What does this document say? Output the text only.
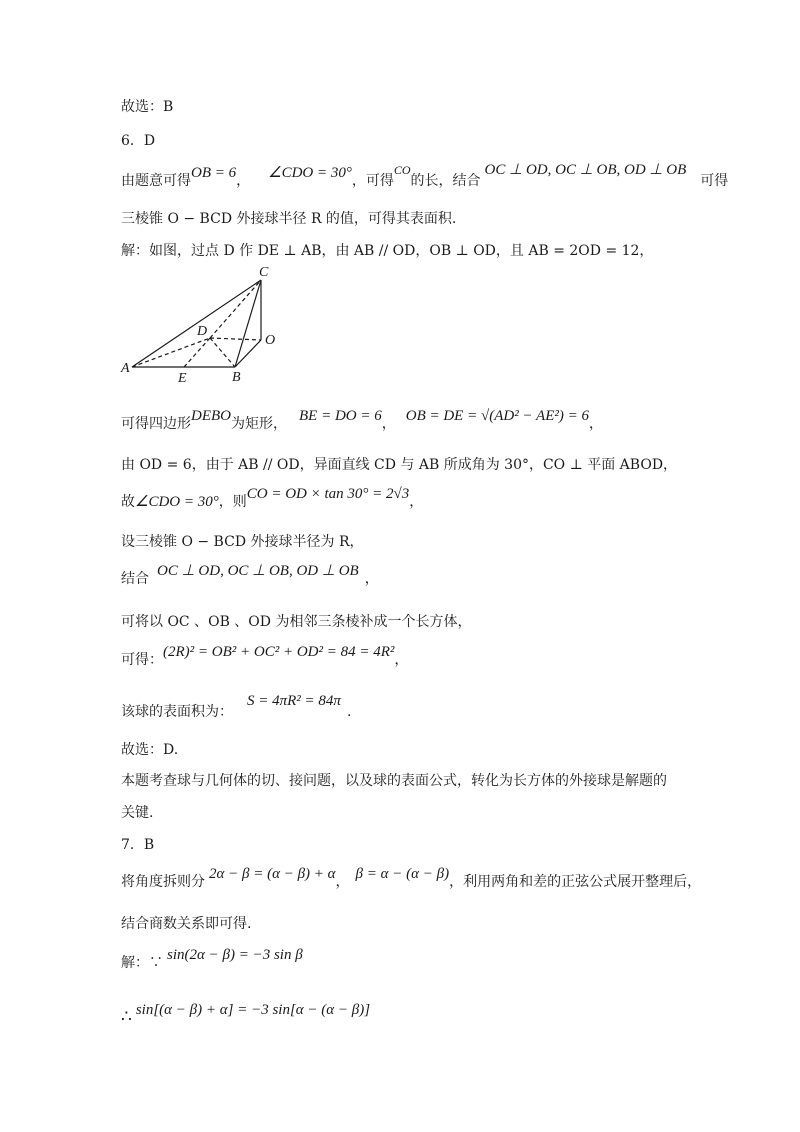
故选：B
6．D
由题意可得OB = 6， ∠CDO = 30°，可得CO的长，结合OC ⊥ OD, OC ⊥ OB, OD ⊥ OB可得
三棱锥 O − BCD 外接球半径 R 的值，可得其表面积.
解：如图，过点 D 作 DE ⊥ AB，由 AB // OD，OB ⊥ OD，且 AB = 2OD = 12，
A
B
C
D
E
O
可得四边形DEBO为矩形， BE = DO = 6， OB = DE = √(AD² − AE²) = 6，
由 OD = 6，由于 AB // OD，异面直线 CD 与 AB 所成角为 30°，CO ⊥ 平面 ABOD，
故∠CDO = 30°，则CO = OD × tan 30° = 2√3，
设三棱锥 O − BCD 外接球半径为 R，
结合 OC ⊥ OD, OC ⊥ OB, OD ⊥ OB ，
可将以 OC 、OB 、OD 为相邻三条棱补成一个长方体，
可得：(2R)² = OB² + OC² + OD² = 84 = 4R²，
该球的表面积为：S = 4πR² = 84π.
故选：D.
本题考查球与几何体的切、接问题，以及球的表面公式，转化为长方体的外接球是解题的
关键.
7．B
将角度拆则分 2α − β = (α − β) + α， β = α − (α − β)，利用两角和差的正弦公式展开整理后，
结合商数关系即可得.
解：∵ sin(2α − β) = −3 sin β
∴ sin[(α − β) + α] = −3 sin[α − (α − β)]
